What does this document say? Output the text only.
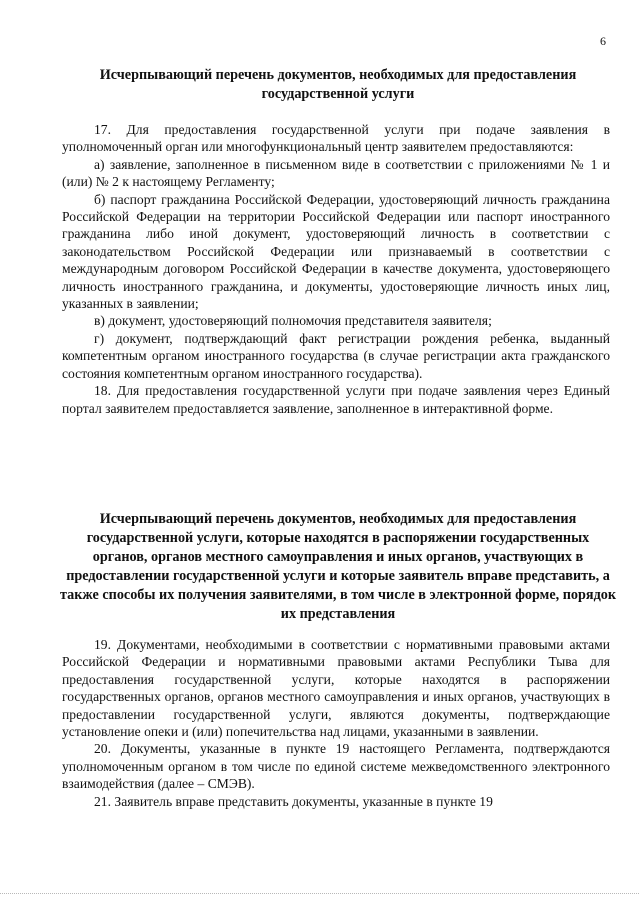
6
Исчерпывающий перечень документов, необходимых для предоставления государственной услуги
17. Для предоставления государственной услуги при подаче заявления в уполномоченный орган или многофункциональный центр заявителем предоставляются:
а) заявление, заполненное в письменном виде в соответствии с приложениями № 1 и (или) № 2 к настоящему Регламенту;
б) паспорт гражданина Российской Федерации, удостоверяющий личность гражданина Российской Федерации на территории Российской Федерации или паспорт иностранного гражданина либо иной документ, удостоверяющий личность в соответствии с законодательством Российской Федерации или признаваемый в соответствии с международным договором Российской Федерации в качестве документа, удостоверяющего личность иностранного гражданина, и документы, удостоверяющие личность иных лиц, указанных в заявлении;
в) документ, удостоверяющий полномочия представителя заявителя;
г) документ, подтверждающий факт регистрации рождения ребенка, выданный компетентным органом иностранного государства (в случае регистрации акта гражданского состояния компетентным органом иностранного государства).
18. Для предоставления государственной услуги при подаче заявления через Единый портал заявителем предоставляется заявление, заполненное в интерактивной форме.
Исчерпывающий перечень документов, необходимых для предоставления государственной услуги, которые находятся в распоряжении государственных органов, органов местного самоуправления и иных органов, участвующих в предоставлении государственной услуги и которые заявитель вправе представить, а также способы их получения заявителями, в том числе в электронной форме, порядок их представления
19. Документами, необходимыми в соответствии с нормативными правовыми актами Российской Федерации и нормативными правовыми актами Республики Тыва для предоставления государственной услуги, которые находятся в распоряжении государственных органов, органов местного самоуправления и иных органов, участвующих в предоставлении государственной услуги, являются документы, подтверждающие установление опеки и (или) попечительства над лицами, указанными в заявлении.
20. Документы, указанные в пункте 19 настоящего Регламента, подтверждаются уполномоченным органом в том числе по единой системе межведомственного электронного взаимодействия (далее – СМЭВ).
21. Заявитель вправе представить документы, указанные в пункте 19
